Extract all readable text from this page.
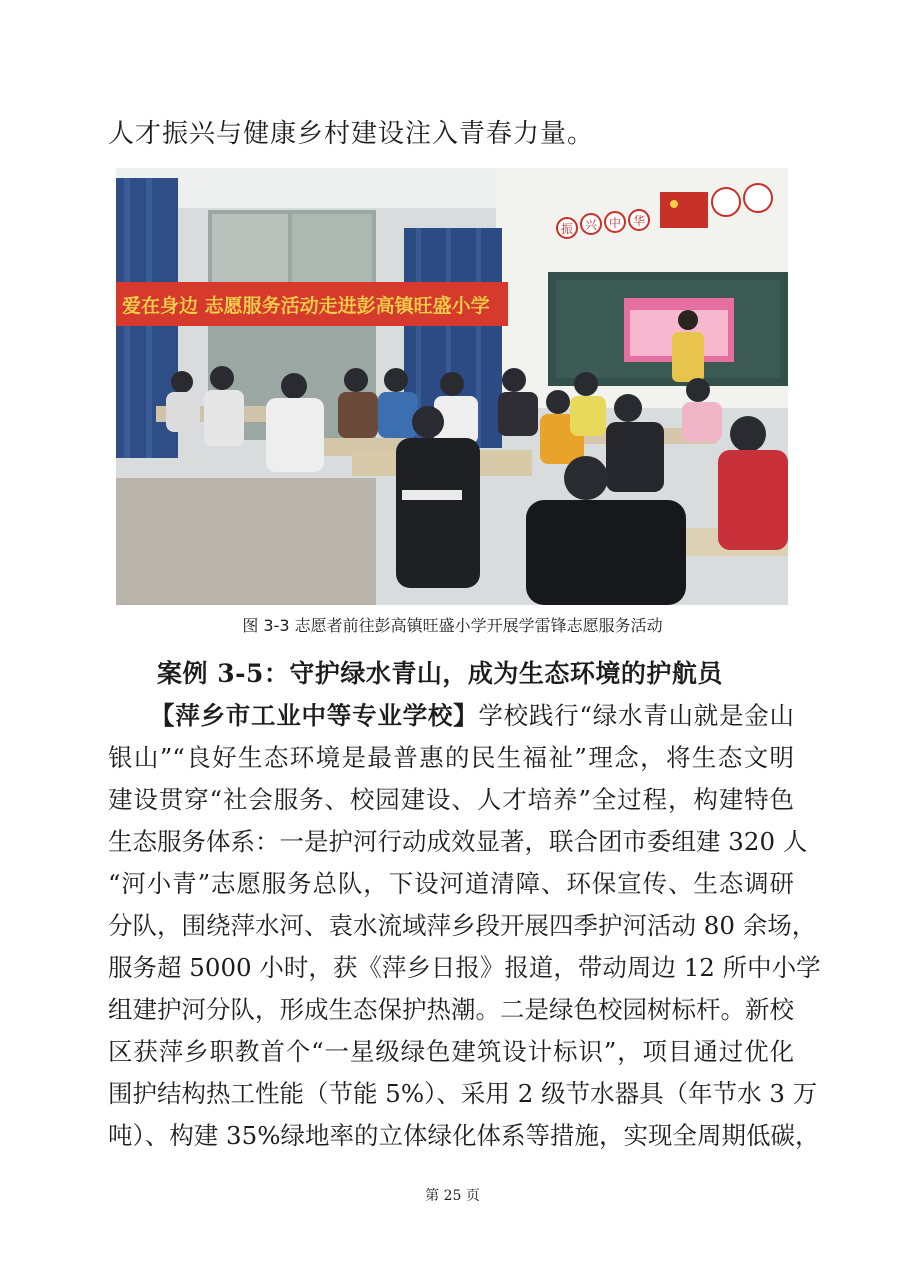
人才振兴与健康乡村建设注入青春力量。
爱在身边 志愿服务活动走进彭高镇旺盛小学
振 兴 中 华
图 3-3 志愿者前往彭高镇旺盛小学开展学雷锋志愿服务活动
案例 3-5：守护绿水青山，成为生态环境的护航员
【萍乡市工业中等专业学校】学校践行“绿水青山就是金山
银山”“良好生态环境是最普惠的民生福祉”理念，将生态文明
建设贯穿“社会服务、校园建设、人才培养”全过程，构建特色
生态服务体系：一是护河行动成效显著，联合团市委组建 320 人
“河小青”志愿服务总队，下设河道清障、环保宣传、生态调研
分队，围绕萍水河、袁水流域萍乡段开展四季护河活动 80 余场，
服务超 5000 小时，获《萍乡日报》报道，带动周边 12 所中小学
组建护河分队，形成生态保护热潮。二是绿色校园树标杆。新校
区获萍乡职教首个“一星级绿色建筑设计标识”，项目通过优化
围护结构热工性能（节能 5%）、采用 2 级节水器具（年节水 3 万
吨）、构建 35%绿地率的立体绿化体系等措施，实现全周期低碳，
第 25 页
